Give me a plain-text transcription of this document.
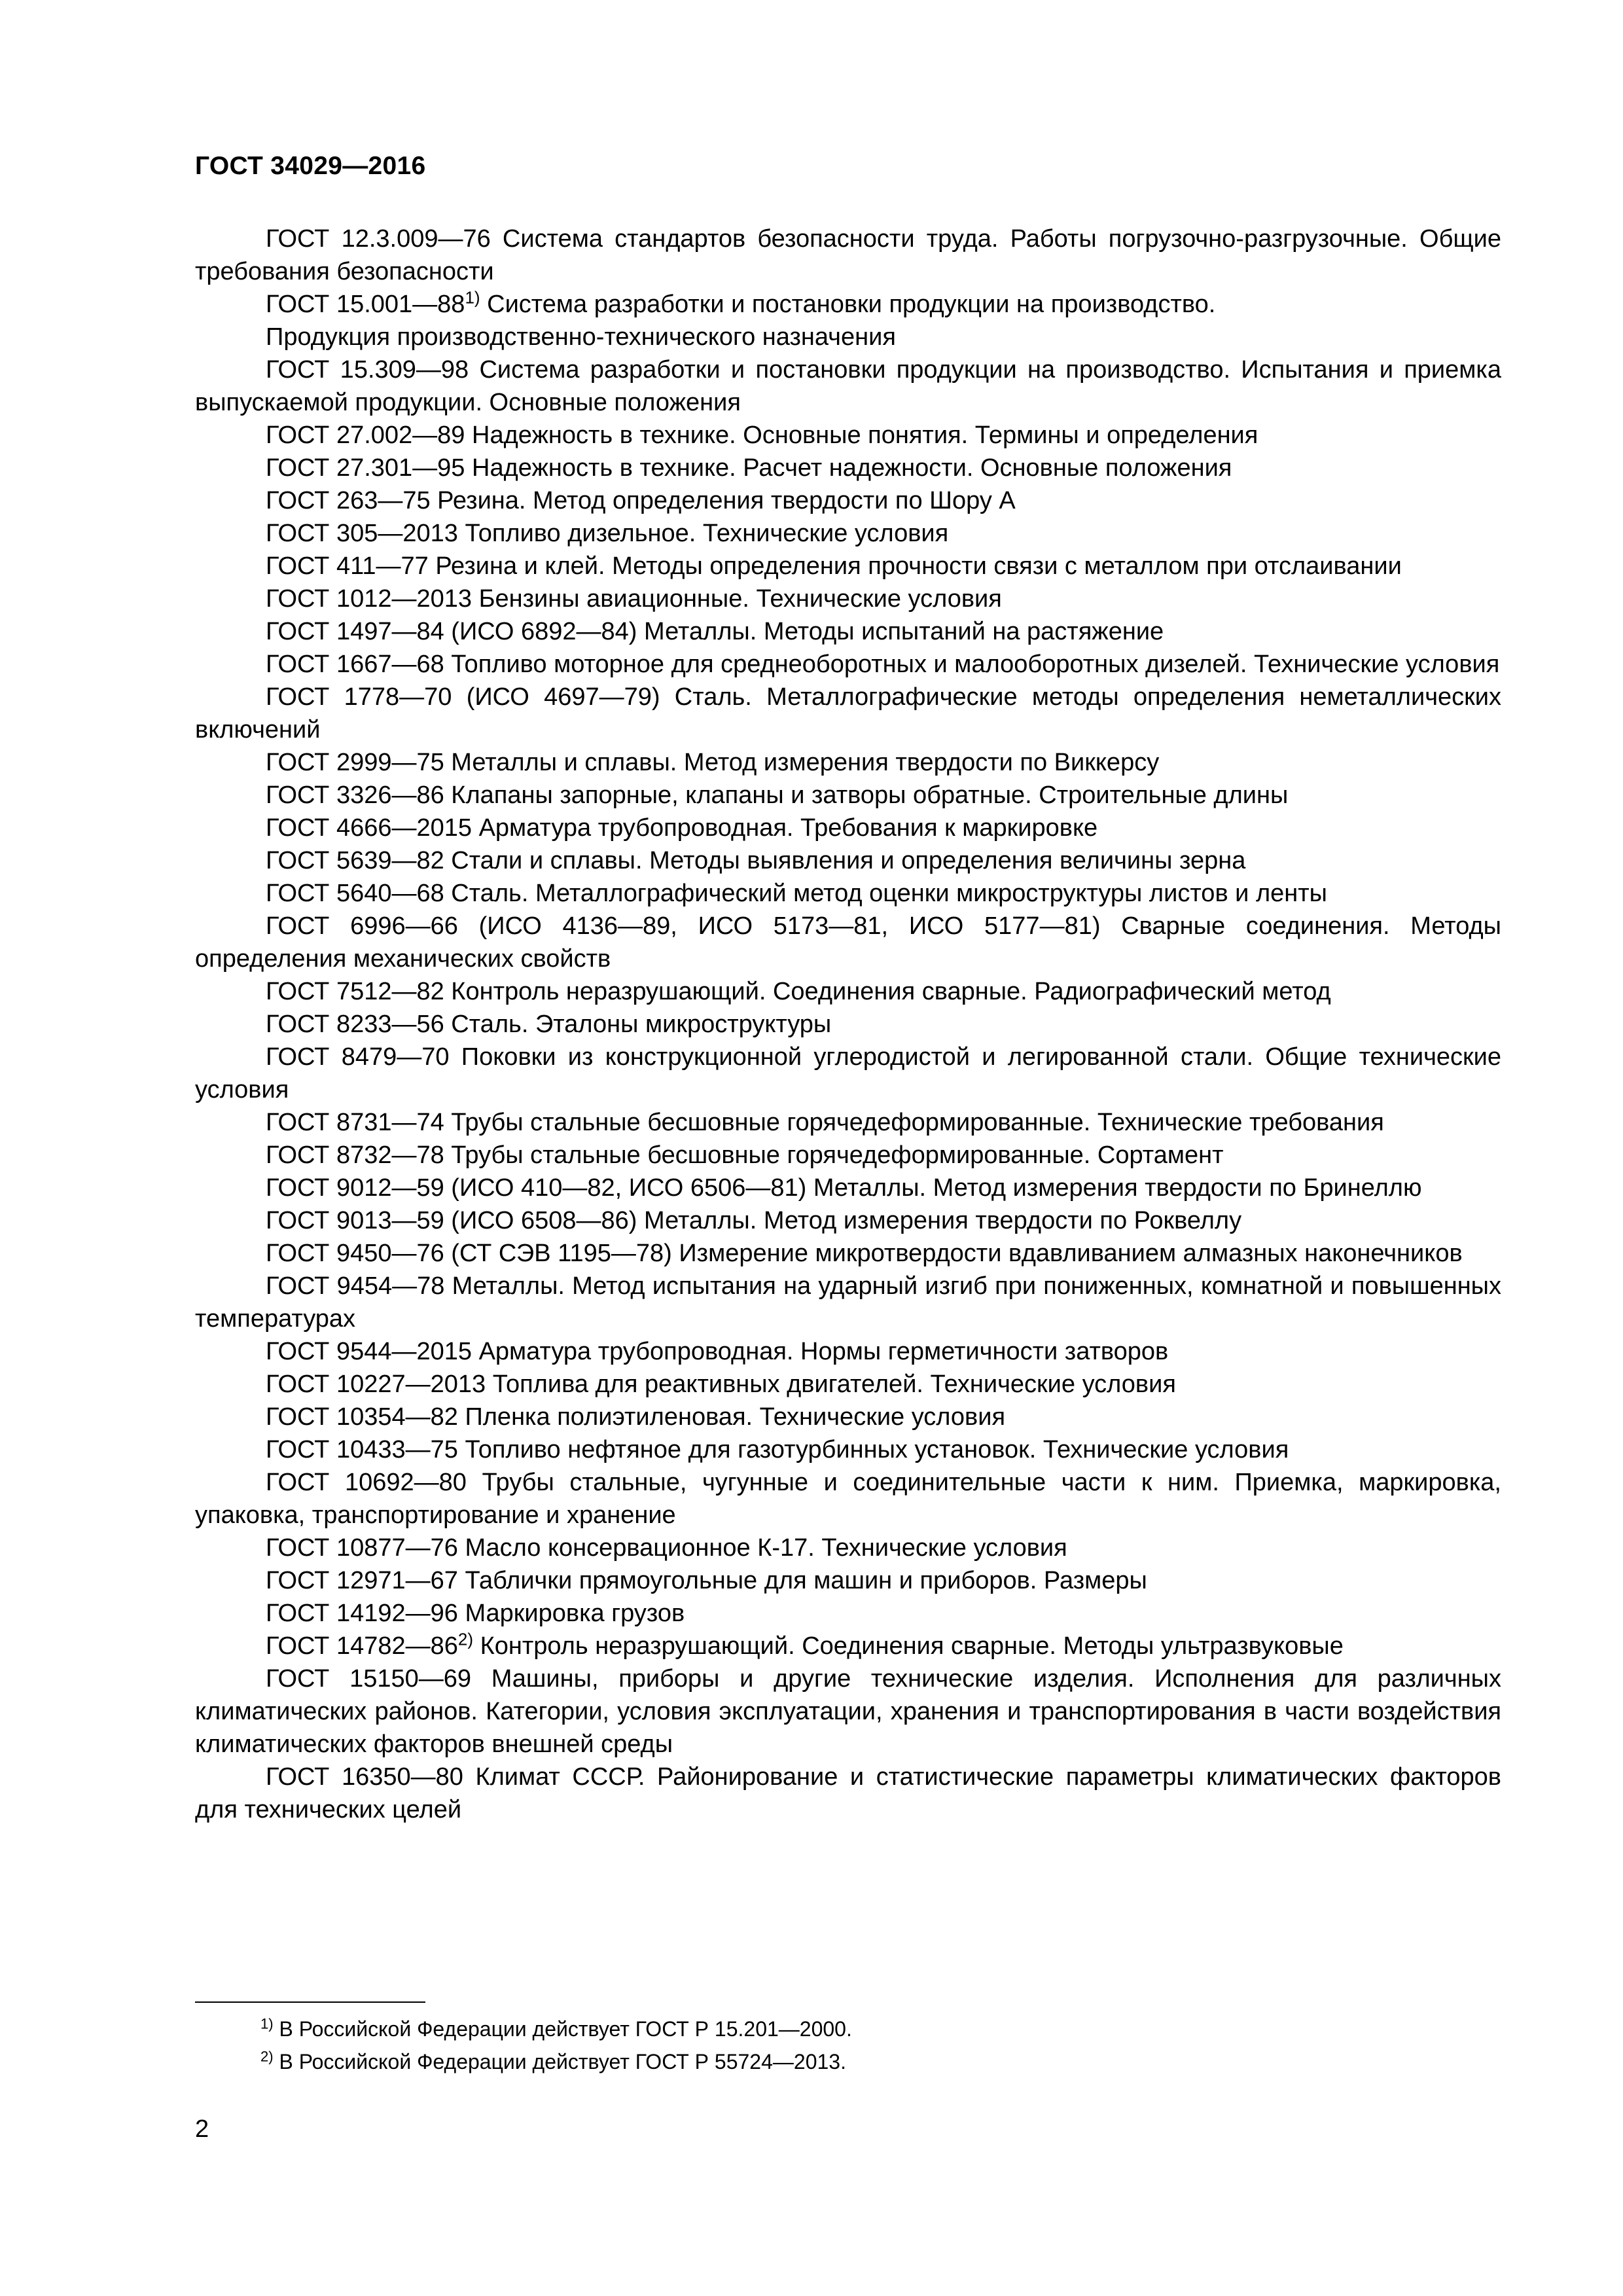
ГОСТ 34029—2016

ГОСТ 12.3.009—76 Система стандартов безопасности труда. Работы погрузочно-разгрузочные. Общие требования безопасности

ГОСТ 15.001—88$^{1)}$ Система разработки и постановки продукции на производство.

Продукция производственно-технического назначения

ГОСТ 15.309—98 Система разработки и постановки продукции на производство. Испытания и приемка выпускаемой продукции. Основные положения

ГОСТ 27.002—89 Надежность в технике. Основные понятия. Термины и определения

ГОСТ 27.301—95 Надежность в технике. Расчет надежности. Основные положения

ГОСТ 263—75 Резина. Метод определения твердости по Шору А

ГОСТ 305—2013 Топливо дизельное. Технические условия

ГОСТ 411—77 Резина и клей. Методы определения прочности связи с металлом при отслаивании

ГОСТ 1012—2013 Бензины авиационные. Технические условия

ГОСТ 1497—84 (ИСО 6892—84) Металлы. Методы испытаний на растяжение

ГОСТ 1667—68 Топливо моторное для среднеоборотных и малооборотных дизелей. Технические условия

ГОСТ 1778—70 (ИСО 4697—79) Сталь. Металлографические методы определения неметаллических включений

ГОСТ 2999—75 Металлы и сплавы. Метод измерения твердости по Виккерсу

ГОСТ 3326—86 Клапаны запорные, клапаны и затворы обратные. Строительные длины

ГОСТ 4666—2015 Арматура трубопроводная. Требования к маркировке

ГОСТ 5639—82 Стали и сплавы. Методы выявления и определения величины зерна

ГОСТ 5640—68 Сталь. Металлографический метод оценки микроструктуры листов и ленты

ГОСТ 6996—66 (ИСО 4136—89, ИСО 5173—81, ИСО 5177—81) Сварные соединения. Методы определения механических свойств

ГОСТ 7512—82 Контроль неразрушающий. Соединения сварные. Радиографический метод

ГОСТ 8233—56 Сталь. Эталоны микроструктуры

ГОСТ 8479—70 Поковки из конструкционной углеродистой и легированной стали. Общие технические условия

ГОСТ 8731—74 Трубы стальные бесшовные горячедеформированные. Технические требования

ГОСТ 8732—78 Трубы стальные бесшовные горячедеформированные. Сортамент

ГОСТ 9012—59 (ИСО 410—82, ИСО 6506—81) Металлы. Метод измерения твердости по Бринеллю

ГОСТ 9013—59 (ИСО 6508—86) Металлы. Метод измерения твердости по Роквеллу

ГОСТ 9450—76 (СТ СЭВ 1195—78) Измерение микротвердости вдавливанием алмазных наконечников

ГОСТ 9454—78 Металлы. Метод испытания на ударный изгиб при пониженных, комнатной и повышенных температурах

ГОСТ 9544—2015 Арматура трубопроводная. Нормы герметичности затворов

ГОСТ 10227—2013 Топлива для реактивных двигателей. Технические условия

ГОСТ 10354—82 Пленка полиэтиленовая. Технические условия

ГОСТ 10433—75 Топливо нефтяное для газотурбинных установок. Технические условия

ГОСТ 10692—80 Трубы стальные, чугунные и соединительные части к ним. Приемка, маркировка, упаковка, транспортирование и хранение

ГОСТ 10877—76 Масло консервационное К-17. Технические условия

ГОСТ 12971—67 Таблички прямоугольные для машин и приборов. Размеры

ГОСТ 14192—96 Маркировка грузов

ГОСТ 14782—86$^{2)}$ Контроль неразрушающий. Соединения сварные. Методы ультразвуковые

ГОСТ 15150—69 Машины, приборы и другие технические изделия. Исполнения для различных климатических районов. Категории, условия эксплуатации, хранения и транспортирования в части воздействия климатических факторов внешней среды

ГОСТ 16350—80 Климат СССР. Районирование и статистические параметры климатических факторов для технических целей

$^{1)}$ В Российской Федерации действует ГОСТ Р 15.201—2000.
$^{2)}$ В Российской Федерации действует ГОСТ Р 55724—2013.
2
